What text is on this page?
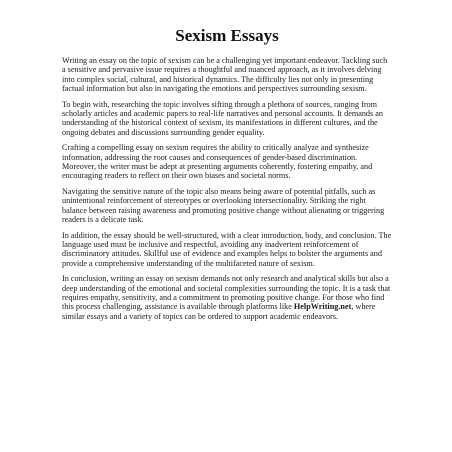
Sexism Essays

Writing an essay on the topic of sexism can be a challenging yet important endeavor. Tackling such a sensitive and pervasive issue requires a thoughtful and nuanced approach, as it involves delving into complex social, cultural, and historical dynamics. The difficulty lies not only in presenting factual information but also in navigating the emotions and perspectives surrounding sexism.

To begin with, researching the topic involves sifting through a plethora of sources, ranging from scholarly articles and academic papers to real-life narratives and personal accounts. It demands an understanding of the historical context of sexism, its manifestations in different cultures, and the ongoing debates and discussions surrounding gender equality.

Crafting a compelling essay on sexism requires the ability to critically analyze and synthesize information, addressing the root causes and consequences of gender-based discrimination. Moreover, the writer must be adept at presenting arguments coherently, fostering empathy, and encouraging readers to reflect on their own biases and societal norms.

Navigating the sensitive nature of the topic also means being aware of potential pitfalls, such as unintentional reinforcement of stereotypes or overlooking intersectionality. Striking the right balance between raising awareness and promoting positive change without alienating or triggering readers is a delicate task.

In addition, the essay should be well-structured, with a clear introduction, body, and conclusion. The language used must be inclusive and respectful, avoiding any inadvertent reinforcement of discriminatory attitudes. Skillful use of evidence and examples helps to bolster the arguments and provide a comprehensive understanding of the multifaceted nature of sexism.

In conclusion, writing an essay on sexism demands not only research and analytical skills but also a deep understanding of the emotional and societal complexities surrounding the topic. It is a task that requires empathy, sensitivity, and a commitment to promoting positive change. For those who find this process challenging, assistance is available through platforms like HelpWriting.net, where similar essays and a variety of topics can be ordered to support academic endeavors.
